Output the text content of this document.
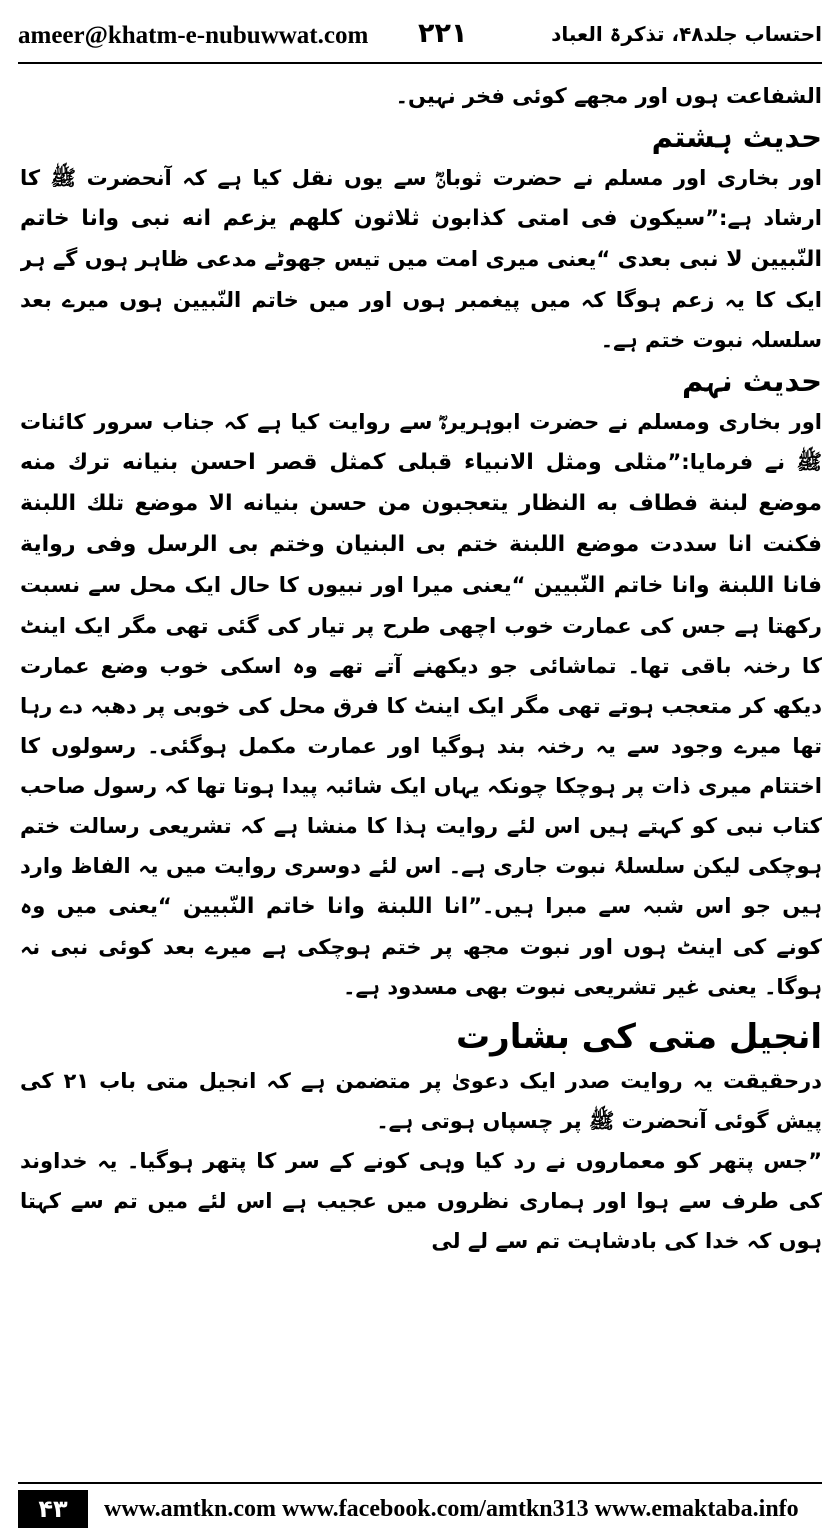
ameer@khatm-e-nubuwwat.com ۲۲۱	احتساب جلد۴۸، تذکرۃ العباد

الشفاعت ہوں اور مجھے کوئی فخر نہیں۔

حدیث ہشتم

اور بخاری اور مسلم نے حضرت ثوبانؓ سے یوں نقل کیا ہے کہ آنحضرت ﷺ کا ارشاد ہے:”سیکون فی امتی کذابون ثلاثون کلهم یزعم انه نبی وانا خاتم النّبیین لا نبی بعدی “یعنی میری امت میں تیس جھوٹے مدعی ظاہر ہوں گے ہر ایک کا یہ زعم ہوگا کہ میں پیغمبر ہوں اور میں خاتم النّبیین ہوں میرے بعد سلسلہ نبوت ختم ہے۔

حدیث نہم

اور بخاری ومسلم نے حضرت ابوہریرہؓ سے روایت کیا ہے کہ جناب سرور کائنات ﷺ نے فرمایا:”مثلی ومثل الانبیاء قبلی کمثل قصر احسن بنیانه ترك منه موضع لبنة فطاف به النظار یتعجبون من حسن بنیانه الا موضع تلك اللبنة فكنت انا سددت موضع اللبنة ختم بی البنیان وختم بی الرسل وفی روایة فانا اللبنة وانا خاتم النّبیین “یعنی میرا اور نبیوں کا حال ایک محل سے نسبت رکھتا ہے جس کی عمارت خوب اچھی طرح پر تیار کی گئی تھی مگر ایک اینٹ کا رخنہ باقی تھا۔ تماشائی جو دیکھنے آتے تھے وہ اسکی خوب وضع عمارت دیکھ کر متعجب ہوتے تھی مگر ایک اینٹ کا فرق محل کی خوبی پر دھبہ دے رہا تھا میرے وجود سے یہ رخنہ بند ہوگیا اور عمارت مکمل ہوگئی۔ رسولوں کا اختتام میری ذات پر ہوچکا چونکہ یہاں ایک شائبہ پیدا ہوتا تھا کہ رسول صاحب کتاب نبی کو کہتے ہیں اس لئے روایت ہذا کا منشا ہے کہ تشریعی رسالت ختم ہوچکی لیکن سلسلۂ نبوت جاری ہے۔ اس لئے دوسری روایت میں یہ الفاظ وارد ہیں جو اس شبہ سے مبرا ہیں۔”انا اللبنة وانا خاتم النّبیین “یعنی میں وہ کونے کی اینٹ ہوں اور نبوت مجھ پر ختم ہوچکی ہے میرے بعد کوئی نبی نہ ہوگا۔ یعنی غیر تشریعی نبوت بھی مسدود ہے۔

انجیل متی کی بشارت

درحقیقت یہ روایت صدر ایک دعویٰ پر متضمن ہے کہ انجیل متی باب ۲۱ کی پیش گوئی آنحضرت ﷺ پر چسپاں ہوتی ہے۔

”جس پتھر کو معماروں نے رد کیا وہی کونے کے سر کا پتھر ہوگیا۔ یہ خداوند کی طرف سے ہوا اور ہماری نظروں میں عجیب ہے اس لئے میں تم سے کہتا ہوں کہ خدا کی بادشاہت تم سے لے لی

۴۳	www.amtkn.com www.facebook.com/amtkn313 www.emaktaba.info
